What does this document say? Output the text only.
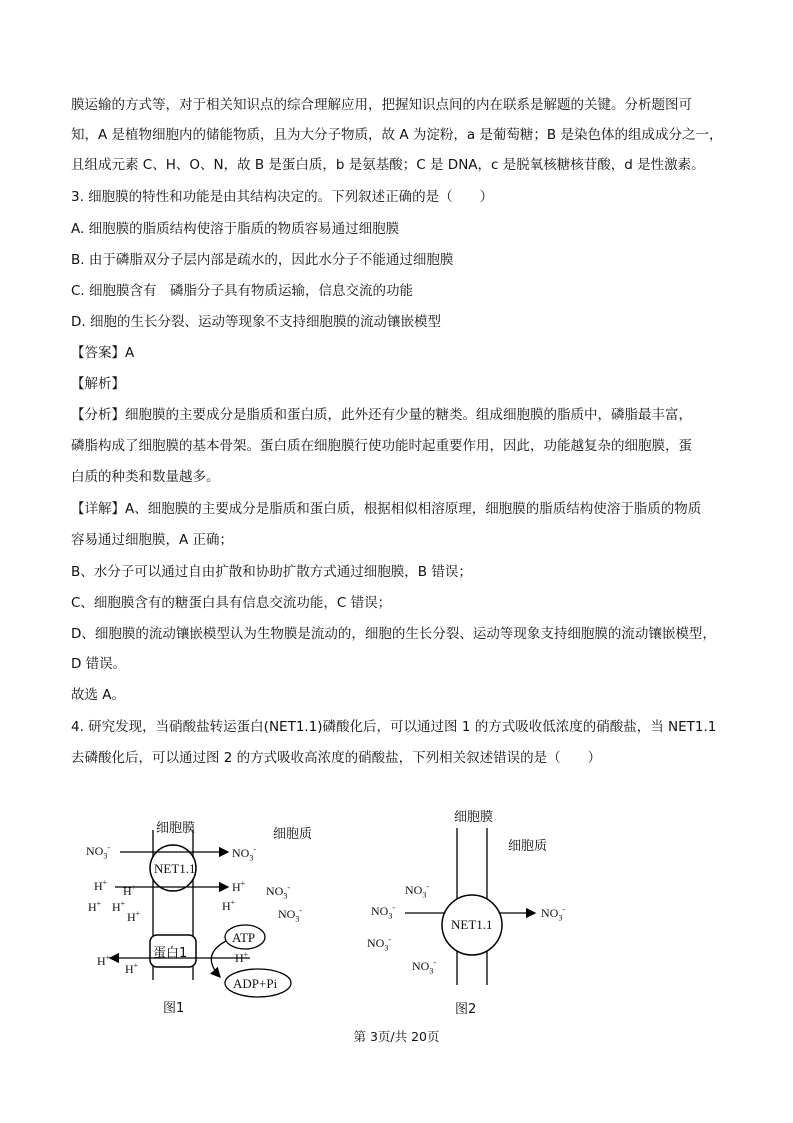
膜运输的方式等，对于相关知识点的综合理解应用，把握知识点间的内在联系是解题的关键。分析题图可
知，A 是植物细胞内的储能物质，且为大分子物质，故 A 为淀粉，a 是葡萄糖；B 是染色体的组成成分之一，
且组成元素 C、H、O、N，故 B 是蛋白质，b 是氨基酸；C 是 DNA，c 是脱氧核糖核苷酸，d 是性激素。
3. 细胞膜的特性和功能是由其结构决定的。下列叙述正确的是（　　）
A. 细胞膜的脂质结构使溶于脂质的物质容易通过细胞膜
B. 由于磷脂双分子层内部是疏水的，因此水分子不能通过细胞膜
C. 细胞膜含有　磷脂分子具有物质运输，信息交流的功能
D. 细胞的生长分裂、运动等现象不支持细胞膜的流动镶嵌模型
【答案】A
【解析】
【分析】细胞膜的主要成分是脂质和蛋白质，此外还有少量的糖类。组成细胞膜的脂质中，磷脂最丰富，
磷脂构成了细胞膜的基本骨架。蛋白质在细胞膜行使功能时起重要作用，因此，功能越复杂的细胞膜，蛋
白质的种类和数量越多。
【详解】A、细胞膜的主要成分是脂质和蛋白质，根据相似相溶原理，细胞膜的脂质结构使溶于脂质的物质
容易通过细胞膜，A 正确；
B、水分子可以通过自由扩散和协助扩散方式通过细胞膜，B 错误；
C、细胞膜含有的糖蛋白具有信息交流功能，C 错误；
D、细胞膜的流动镶嵌模型认为生物膜是流动的，细胞的生长分裂、运动等现象支持细胞膜的流动镶嵌模型，
D 错误。
故选 A。
4. 研究发现，当硝酸盐转运蛋白(NET1.1)磷酸化后，可以通过图 1 的方式吸收低浓度的硝酸盐，当 NET1.1
去磷酸化后，可以通过图 2 的方式吸收高浓度的硝酸盐，下列相关叙述错误的是（　　）
细胞膜	细胞质
NET1.1
蛋白1
ATP
ADP+Pi
图1
$NO_3^-$	$NO_3^-$
$NO_3^-$
$NO_3^-$
H+
H+
H+ H+
H+
H+
H+
H+
H+
H+
细胞膜
细胞质
NET1.1
图2
$NO_3^-$
$NO_3^-$
$NO_3^-$
$NO_3^-$
$NO_3^-$
第 3页/共 20页
